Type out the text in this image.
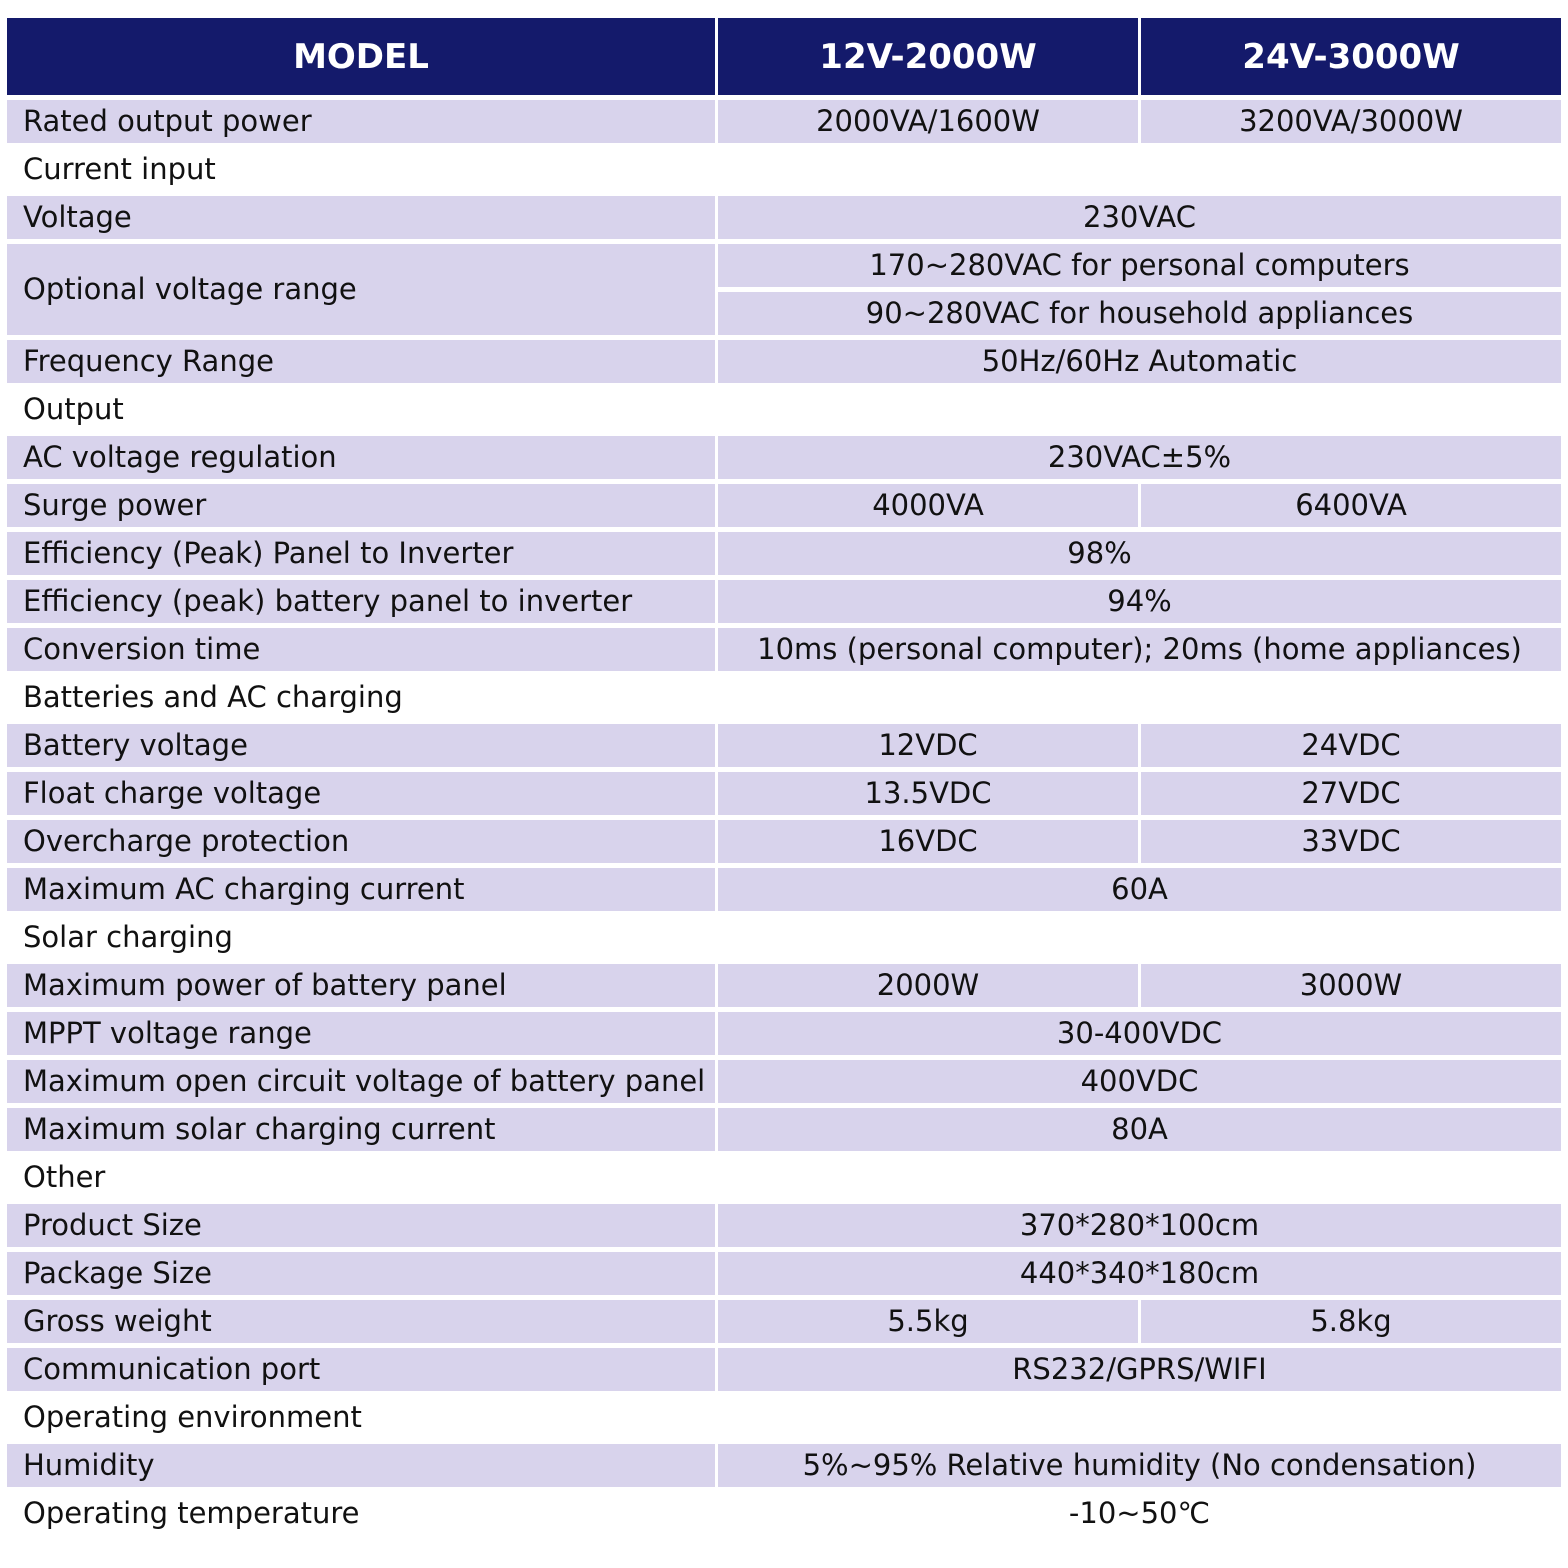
MODEL	12V-2000W	24V-3000W
Rated output power	2000VA/1600W	3200VA/3000W
Current input		
Voltage	230VAC	
Optional voltage range	170~280VAC for personal computers
90~280VAC for household appliances	

Frequency Range	50Hz/60Hz Automatic	
Output		
AC voltage regulation	230VAC±5%	
Surge power	4000VA	6400VA
Efficiency (Peak) Panel to Inverter	98%	
Efficiency (peak) battery panel to inverter	94%	
Conversion time	10ms (personal computer); 20ms (home appliances)	
Batteries and AC charging		
Battery voltage	12VDC	24VDC
Float charge voltage	13.5VDC	27VDC
Overcharge protection	16VDC	33VDC
Maximum AC charging current	60A	
Solar charging		
Maximum power of battery panel	2000W	3000W
MPPT voltage range	30-400VDC	
Maximum open circuit voltage of battery panel	400VDC	
Maximum solar charging current	80A	
Other		
Product Size	370*280*100cm	
Package Size	440*340*180cm	
Gross weight	5.5kg	5.8kg
Communication port	RS232/GPRS/WIFI	
Operating environment		
Humidity	5%~95% Relative humidity (No condensation)	
Operating temperature	-10~50℃	
